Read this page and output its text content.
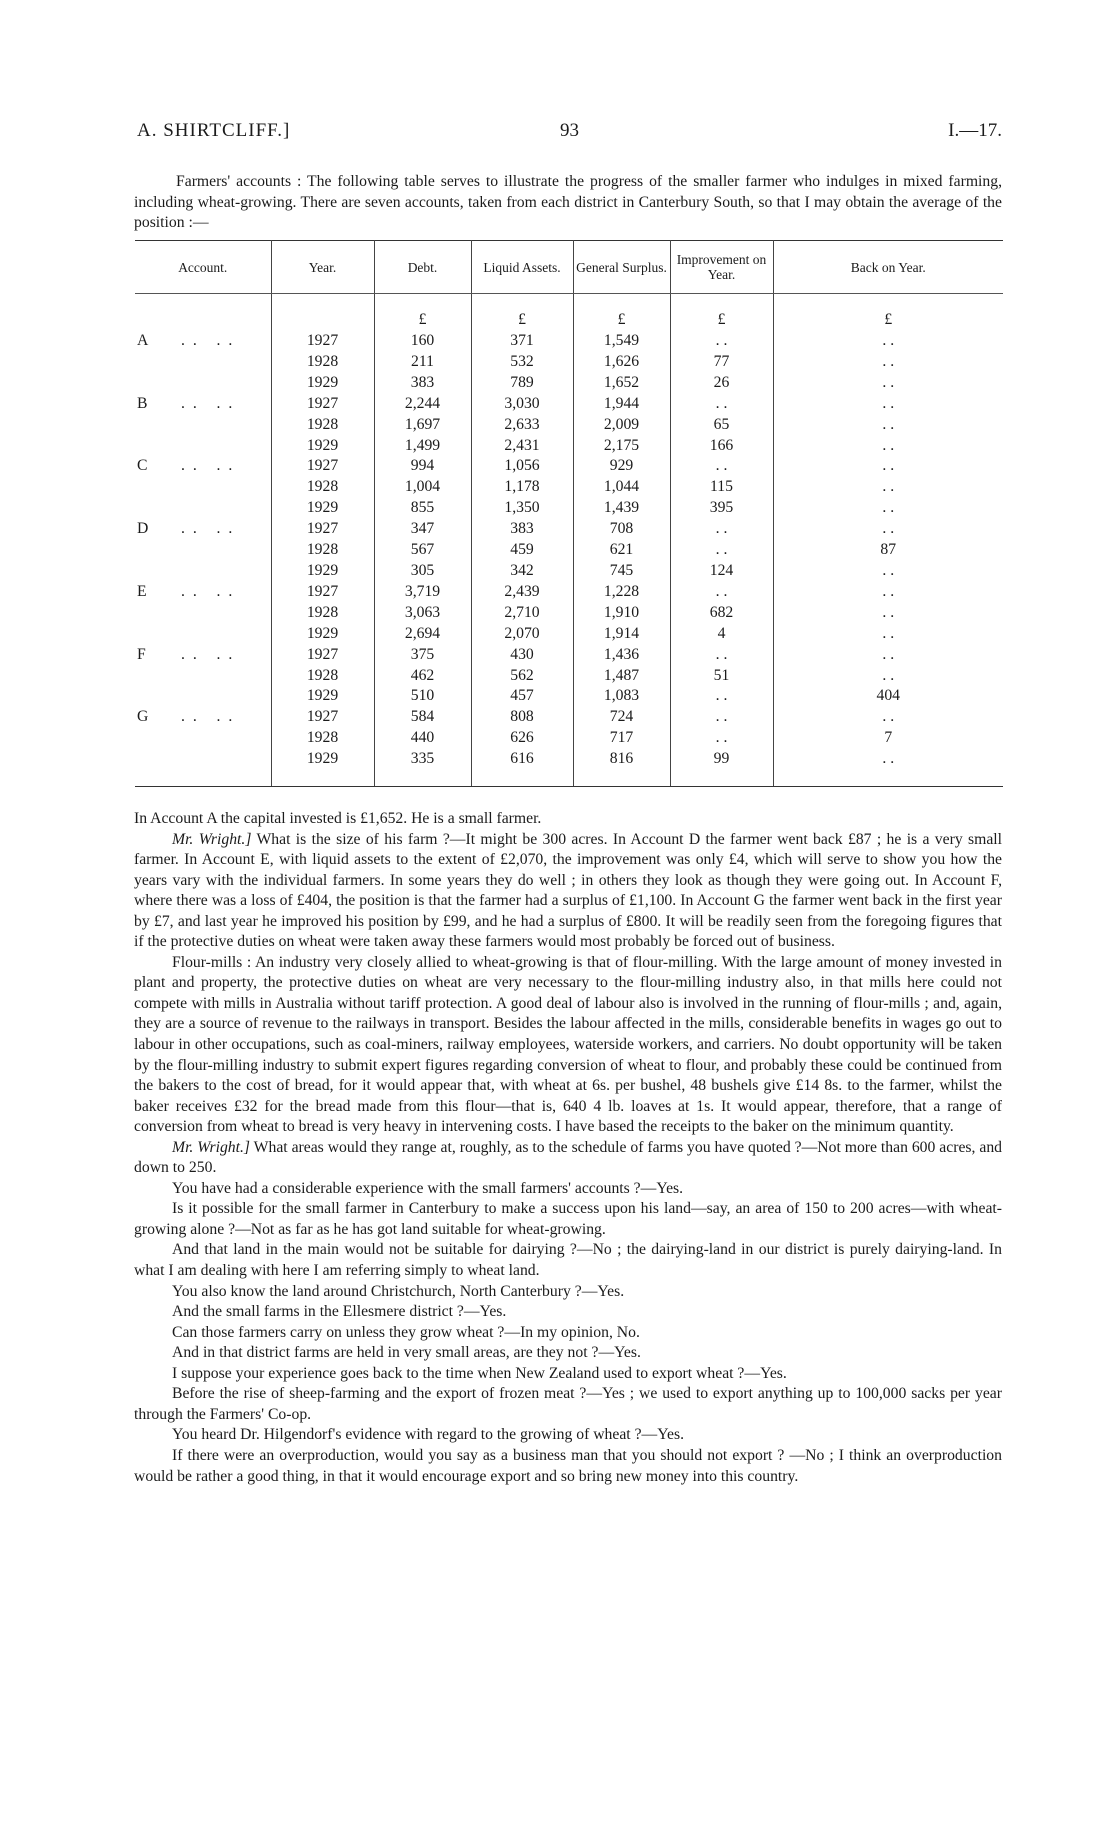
A. SHIRTCLIFF.]	93	I.—17.

Farmers' accounts : The following table serves to illustrate the progress of the smaller farmer who indulges in mixed farming, including wheat-growing. There are seven accounts, taken from each district in Canterbury South, so that I may obtain the average of the position :—

Account.	Year.	Debt.	Liquid Assets.	General Surplus.	Improvement on Year.	Back on Year.

		£	£	£	£	£
A . .   . .	1927	160	371	1,549	. .	. .
	1928	211	532	1,626	77	. .
	1929	383	789	1,652	26	. .
B . .   . .	1927	2,244	3,030	1,944	. .	. .
	1928	1,697	2,633	2,009	65	. .
	1929	1,499	2,431	2,175	166	. .
C . .   . .	1927	994	1,056	929	. .	. .
	1928	1,004	1,178	1,044	115	. .
	1929	855	1,350	1,439	395	. .
D . .   . .	1927	347	383	708	. .	. .
	1928	567	459	621	. .	87
	1929	305	342	745	124	. .
E . .   . .	1927	3,719	2,439	1,228	. .	. .
	1928	3,063	2,710	1,910	682	. .
	1929	2,694	2,070	1,914	4	. .
F . .   . .	1927	375	430	1,436	. .	. .
	1928	462	562	1,487	51	. .
	1929	510	457	1,083	. .	404
G . .   . .	1927	584	808	724	. .	. .
	1928	440	626	717	. .	7
	1929	335	616	816	99	. .

In Account A the capital invested is £1,652. He is a small farmer.

Mr. Wright.] What is the size of his farm ?—It might be 300 acres. In Account D the farmer went back £87 ; he is a very small farmer. In Account E, with liquid assets to the extent of £2,070, the improvement was only £4, which will serve to show you how the years vary with the individual farmers. In some years they do well ; in others they look as though they were going out. In Account F, where there was a loss of £404, the position is that the farmer had a surplus of £1,100. In Account G the farmer went back in the first year by £7, and last year he improved his position by £99, and he had a surplus of £800. It will be readily seen from the foregoing figures that if the protective duties on wheat were taken away these farmers would most probably be forced out of business.

Flour-mills : An industry very closely allied to wheat-growing is that of flour-milling. With the large amount of money invested in plant and property, the protective duties on wheat are very necessary to the flour-milling industry also, in that mills here could not compete with mills in Australia without tariff protection. A good deal of labour also is involved in the running of flour-mills ; and, again, they are a source of revenue to the railways in transport. Besides the labour affected in the mills, considerable benefits in wages go out to labour in other occupations, such as coal-miners, railway employees, waterside workers, and carriers. No doubt opportunity will be taken by the flour-milling industry to submit expert figures regarding conversion of wheat to flour, and probably these could be continued from the bakers to the cost of bread, for it would appear that, with wheat at 6s. per bushel, 48 bushels give £14 8s. to the farmer, whilst the baker receives £32 for the bread made from this flour—that is, 640 4 lb. loaves at 1s. It would appear, therefore, that a range of conversion from wheat to bread is very heavy in intervening costs. I have based the receipts to the baker on the minimum quantity.

Mr. Wright.] What areas would they range at, roughly, as to the schedule of farms you have quoted ?—Not more than 600 acres, and down to 250.

You have had a considerable experience with the small farmers' accounts ?—Yes.

Is it possible for the small farmer in Canterbury to make a success upon his land—say, an area of 150 to 200 acres—with wheat-growing alone ?—Not as far as he has got land suitable for wheat-growing.

And that land in the main would not be suitable for dairying ?—No ; the dairying-land in our district is purely dairying-land. In what I am dealing with here I am referring simply to wheat land.

You also know the land around Christchurch, North Canterbury ?—Yes.

And the small farms in the Ellesmere district ?—Yes.

Can those farmers carry on unless they grow wheat ?—In my opinion, No.

And in that district farms are held in very small areas, are they not ?—Yes.

I suppose your experience goes back to the time when New Zealand used to export wheat ?—Yes.

Before the rise of sheep-farming and the export of frozen meat ?—Yes ; we used to export anything up to 100,000 sacks per year through the Farmers' Co-op.

You heard Dr. Hilgendorf's evidence with regard to the growing of wheat ?—Yes.

If there were an overproduction, would you say as a business man that you should not export ? —No ; I think an overproduction would be rather a good thing, in that it would encourage export and so bring new money into this country.
